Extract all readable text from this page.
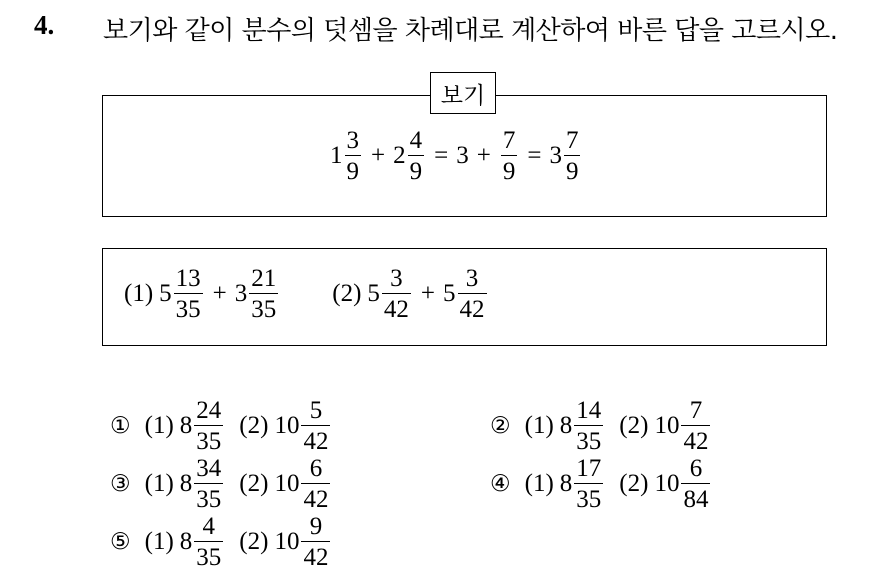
4. 보기와 같이 분수의 덧셈을 차례대로 계산하여 바른 답을 고르시오.
보기
$1 \frac{3}{9} + 2 \frac{4}{9} = 3 + \frac{7}{9} = 3 \frac{7}{9}$
(1) $5 \frac{13}{35} + 3 \frac{21}{35} (2)$ $5 \frac{3}{42} + 5 \frac{3}{42}$
① (1) $8 \frac{24}{35} (2)$ $10 \frac{5}{42}$	② (1) $8 \frac{14}{35} (2)$ $10 \frac{7}{42}$
③ (1) $8 \frac{34}{35} (2)$ $10 \frac{6}{42}$	④ (1) $8 \frac{17}{35} (2)$ $10 \frac{6}{84}$
⑤ (1) $8 \frac{4}{35} (2)$ $10 \frac{9}{42}$
